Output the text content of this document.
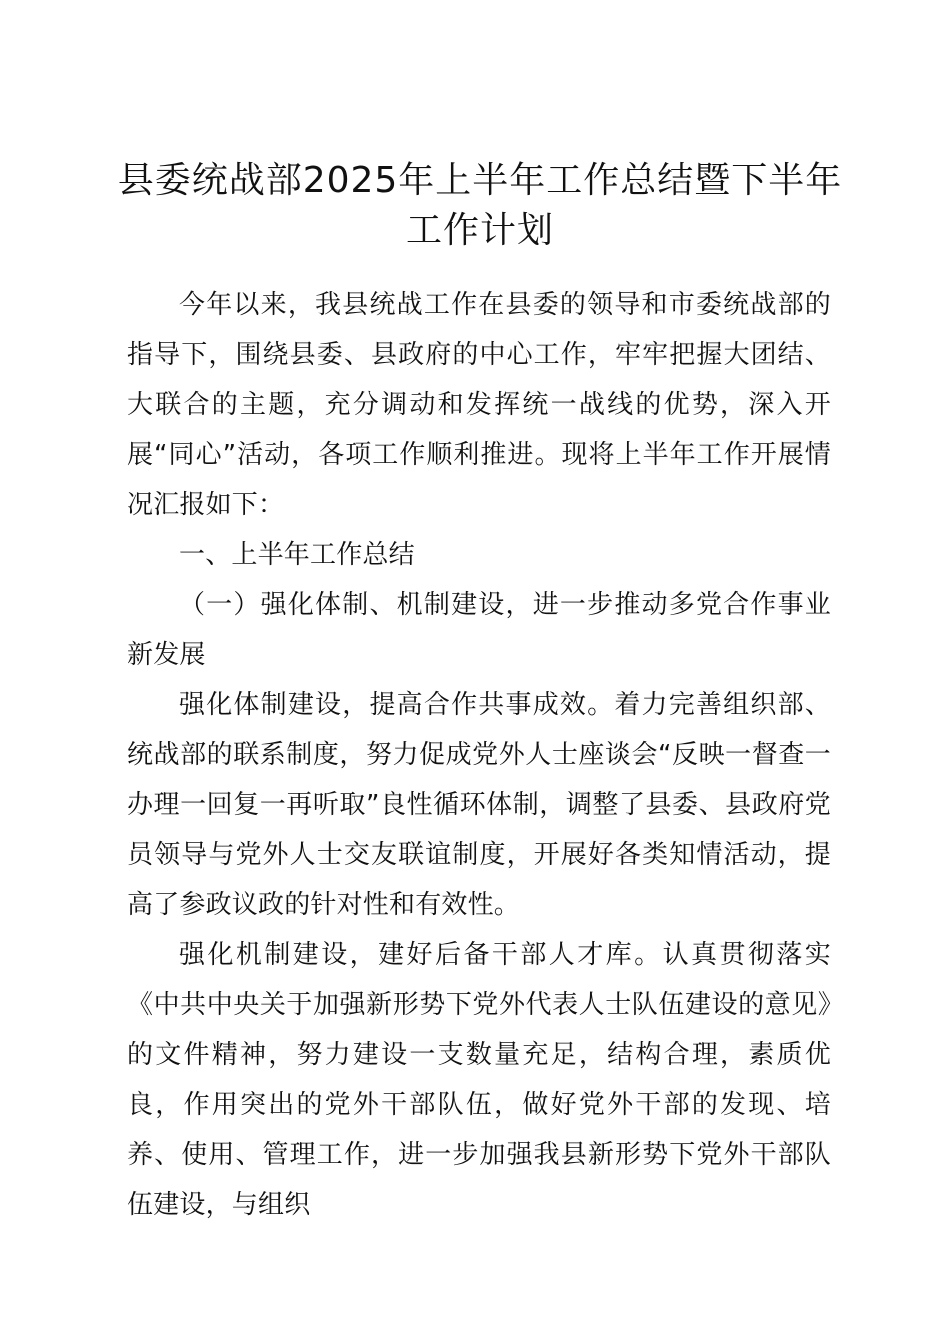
县委统战部2025年上半年工作总结暨下半年工作计划

今年以来，我县统战工作在县委的领导和市委统战部的指导下，围绕县委、县政府的中心工作，牢牢把握大团结、大联合的主题，充分调动和发挥统一战线的优势，深入开展“同心”活动，各项工作顺利推进。现将上半年工作开展情况汇报如下：

一、上半年工作总结

（一）强化体制、机制建设，进一步推动多党合作事业新发展

强化体制建设，提高合作共事成效。着力完善组织部、统战部的联系制度，努力促成党外人士座谈会“反映一督查一办理一回复一再听取”良性循环体制，调整了县委、县政府党员领导与党外人士交友联谊制度，开展好各类知情活动，提高了参政议政的针对性和有效性。

强化机制建设，建好后备干部人才库。认真贯彻落实《中共中央关于加强新形势下党外代表人士队伍建设的意见》的文件精神，努力建设一支数量充足，结构合理，素质优良，作用突出的党外干部队伍，做好党外干部的发现、培养、使用、管理工作，进一步加强我县新形势下党外干部队伍建设，与组织
